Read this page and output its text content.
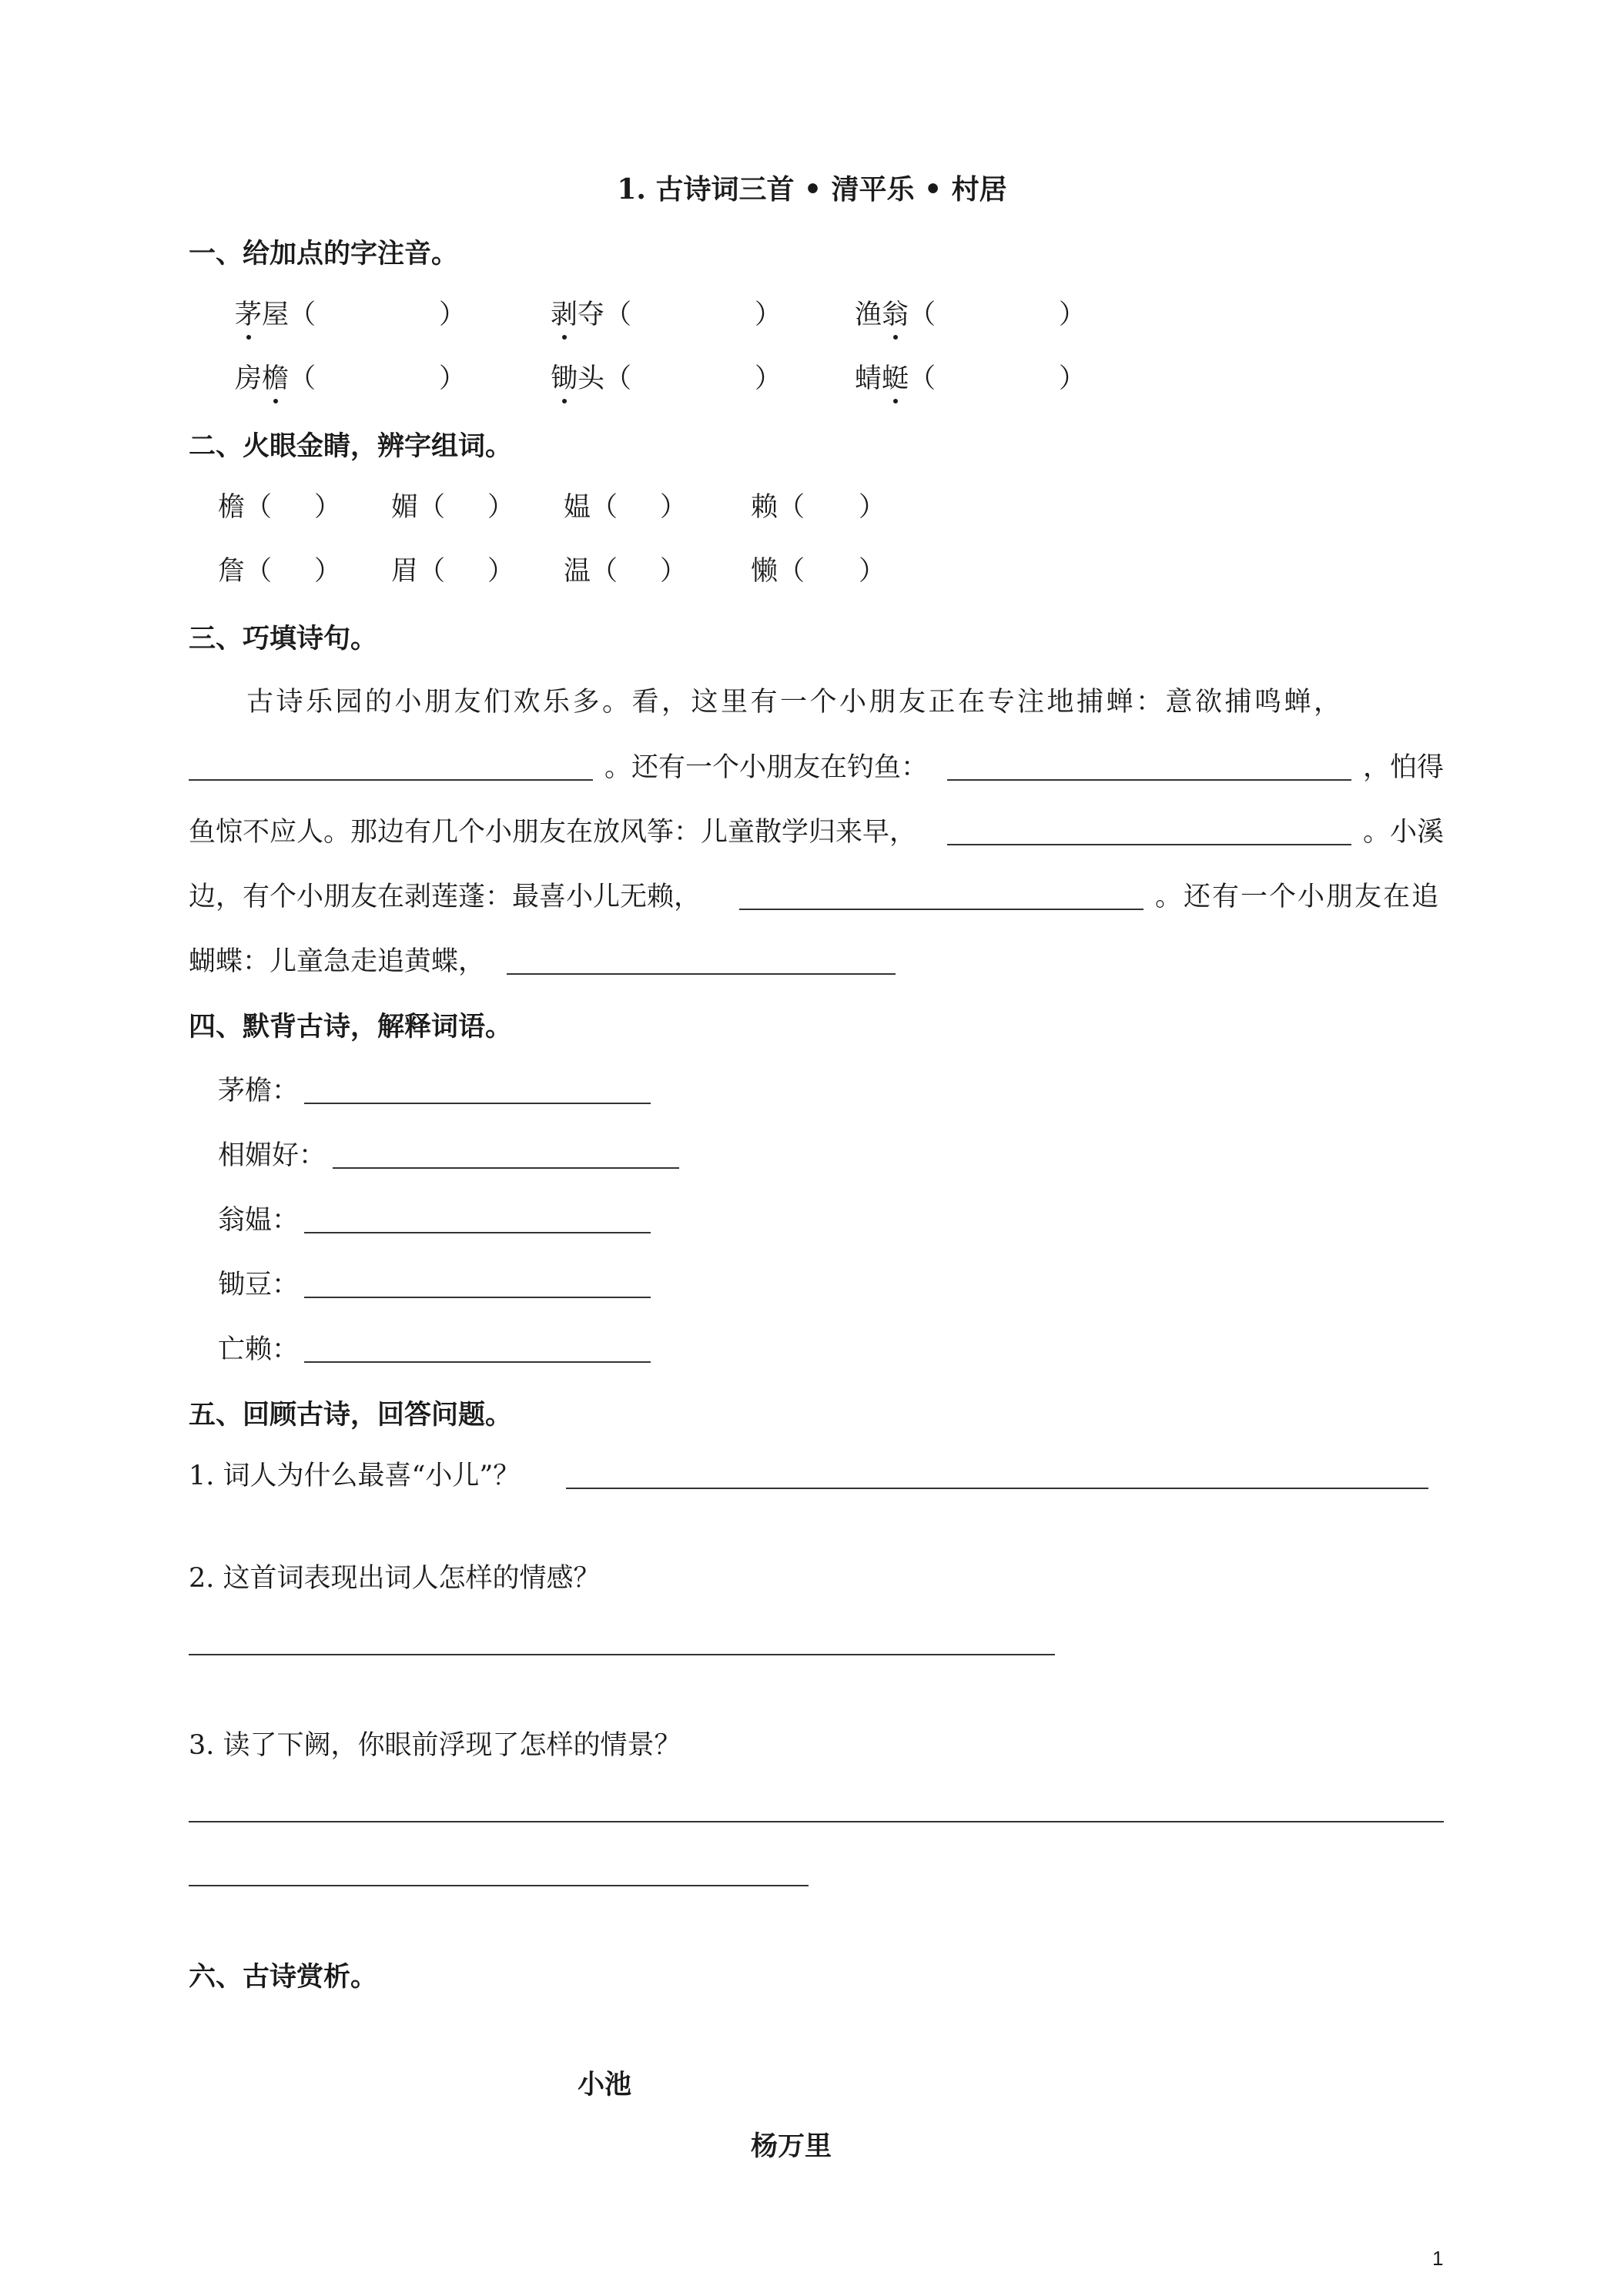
1. 古诗词三首 • 清平乐 • 村居
一、给加点的字注音。
茅屋（	）	剥夺（	）	渔翁（	）
房檐（	）	锄头（	）	蜻蜓（	）
二、火眼金睛，辨字组词。
檐（ ） 媚（ ） 媪（ ） 赖（ ）
詹（ ） 眉（ ） 温（ ） 懒（ ）
三、巧填诗句。
古诗乐园的小朋友们欢乐多。看，这里有一个小朋友正在专注地捕蝉：意欲捕鸣蝉，
。还有一个小朋友在钓鱼：	，怕得
鱼惊不应人。那边有几个小朋友在放风筝：儿童散学归来早，	。小溪
边，有个小朋友在剥莲蓬：最喜小儿无赖，	。还有一个小朋友在追
蝴蝶：儿童急走追黄蝶，
四、默背古诗，解释词语。
茅檐：
相媚好：
翁媪：
锄豆：
亡赖：
五、回顾古诗，回答问题。
1. 词人为什么最喜“小儿”？
2. 这首词表现出词人怎样的情感？
3. 读了下阙，你眼前浮现了怎样的情景？
六、古诗赏析。
小池
杨万里
1
